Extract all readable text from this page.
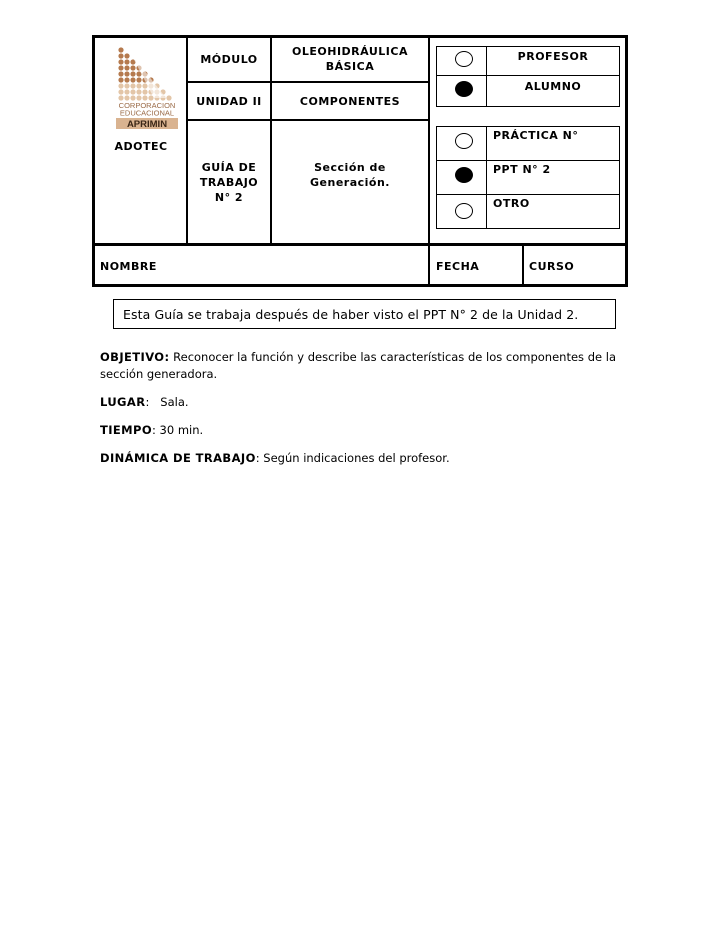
CORPORACION
EDUCACIONAL
APRIMIN
ADOTEC
MÓDULO
UNIDAD II
GUÍA DE
TRABAJO
N° 2
OLEOHIDRÁULICA
BÁSICA
COMPONENTES
Sección de
Generación.
PROFESOR
ALUMNO
PRÁCTICA N°
PPT N° 2
OTRO
NOMBRE	FECHA	CURSO
Esta Guía se trabaja después de haber visto el PPT N° 2 de la Unidad 2.
OBJETIVO: Reconocer la función y describe las características de los componentes de la sección generadora.
LUGAR:   Sala.
TIEMPO: 30 min.
DINÁMICA DE TRABAJO: Según indicaciones del profesor.
